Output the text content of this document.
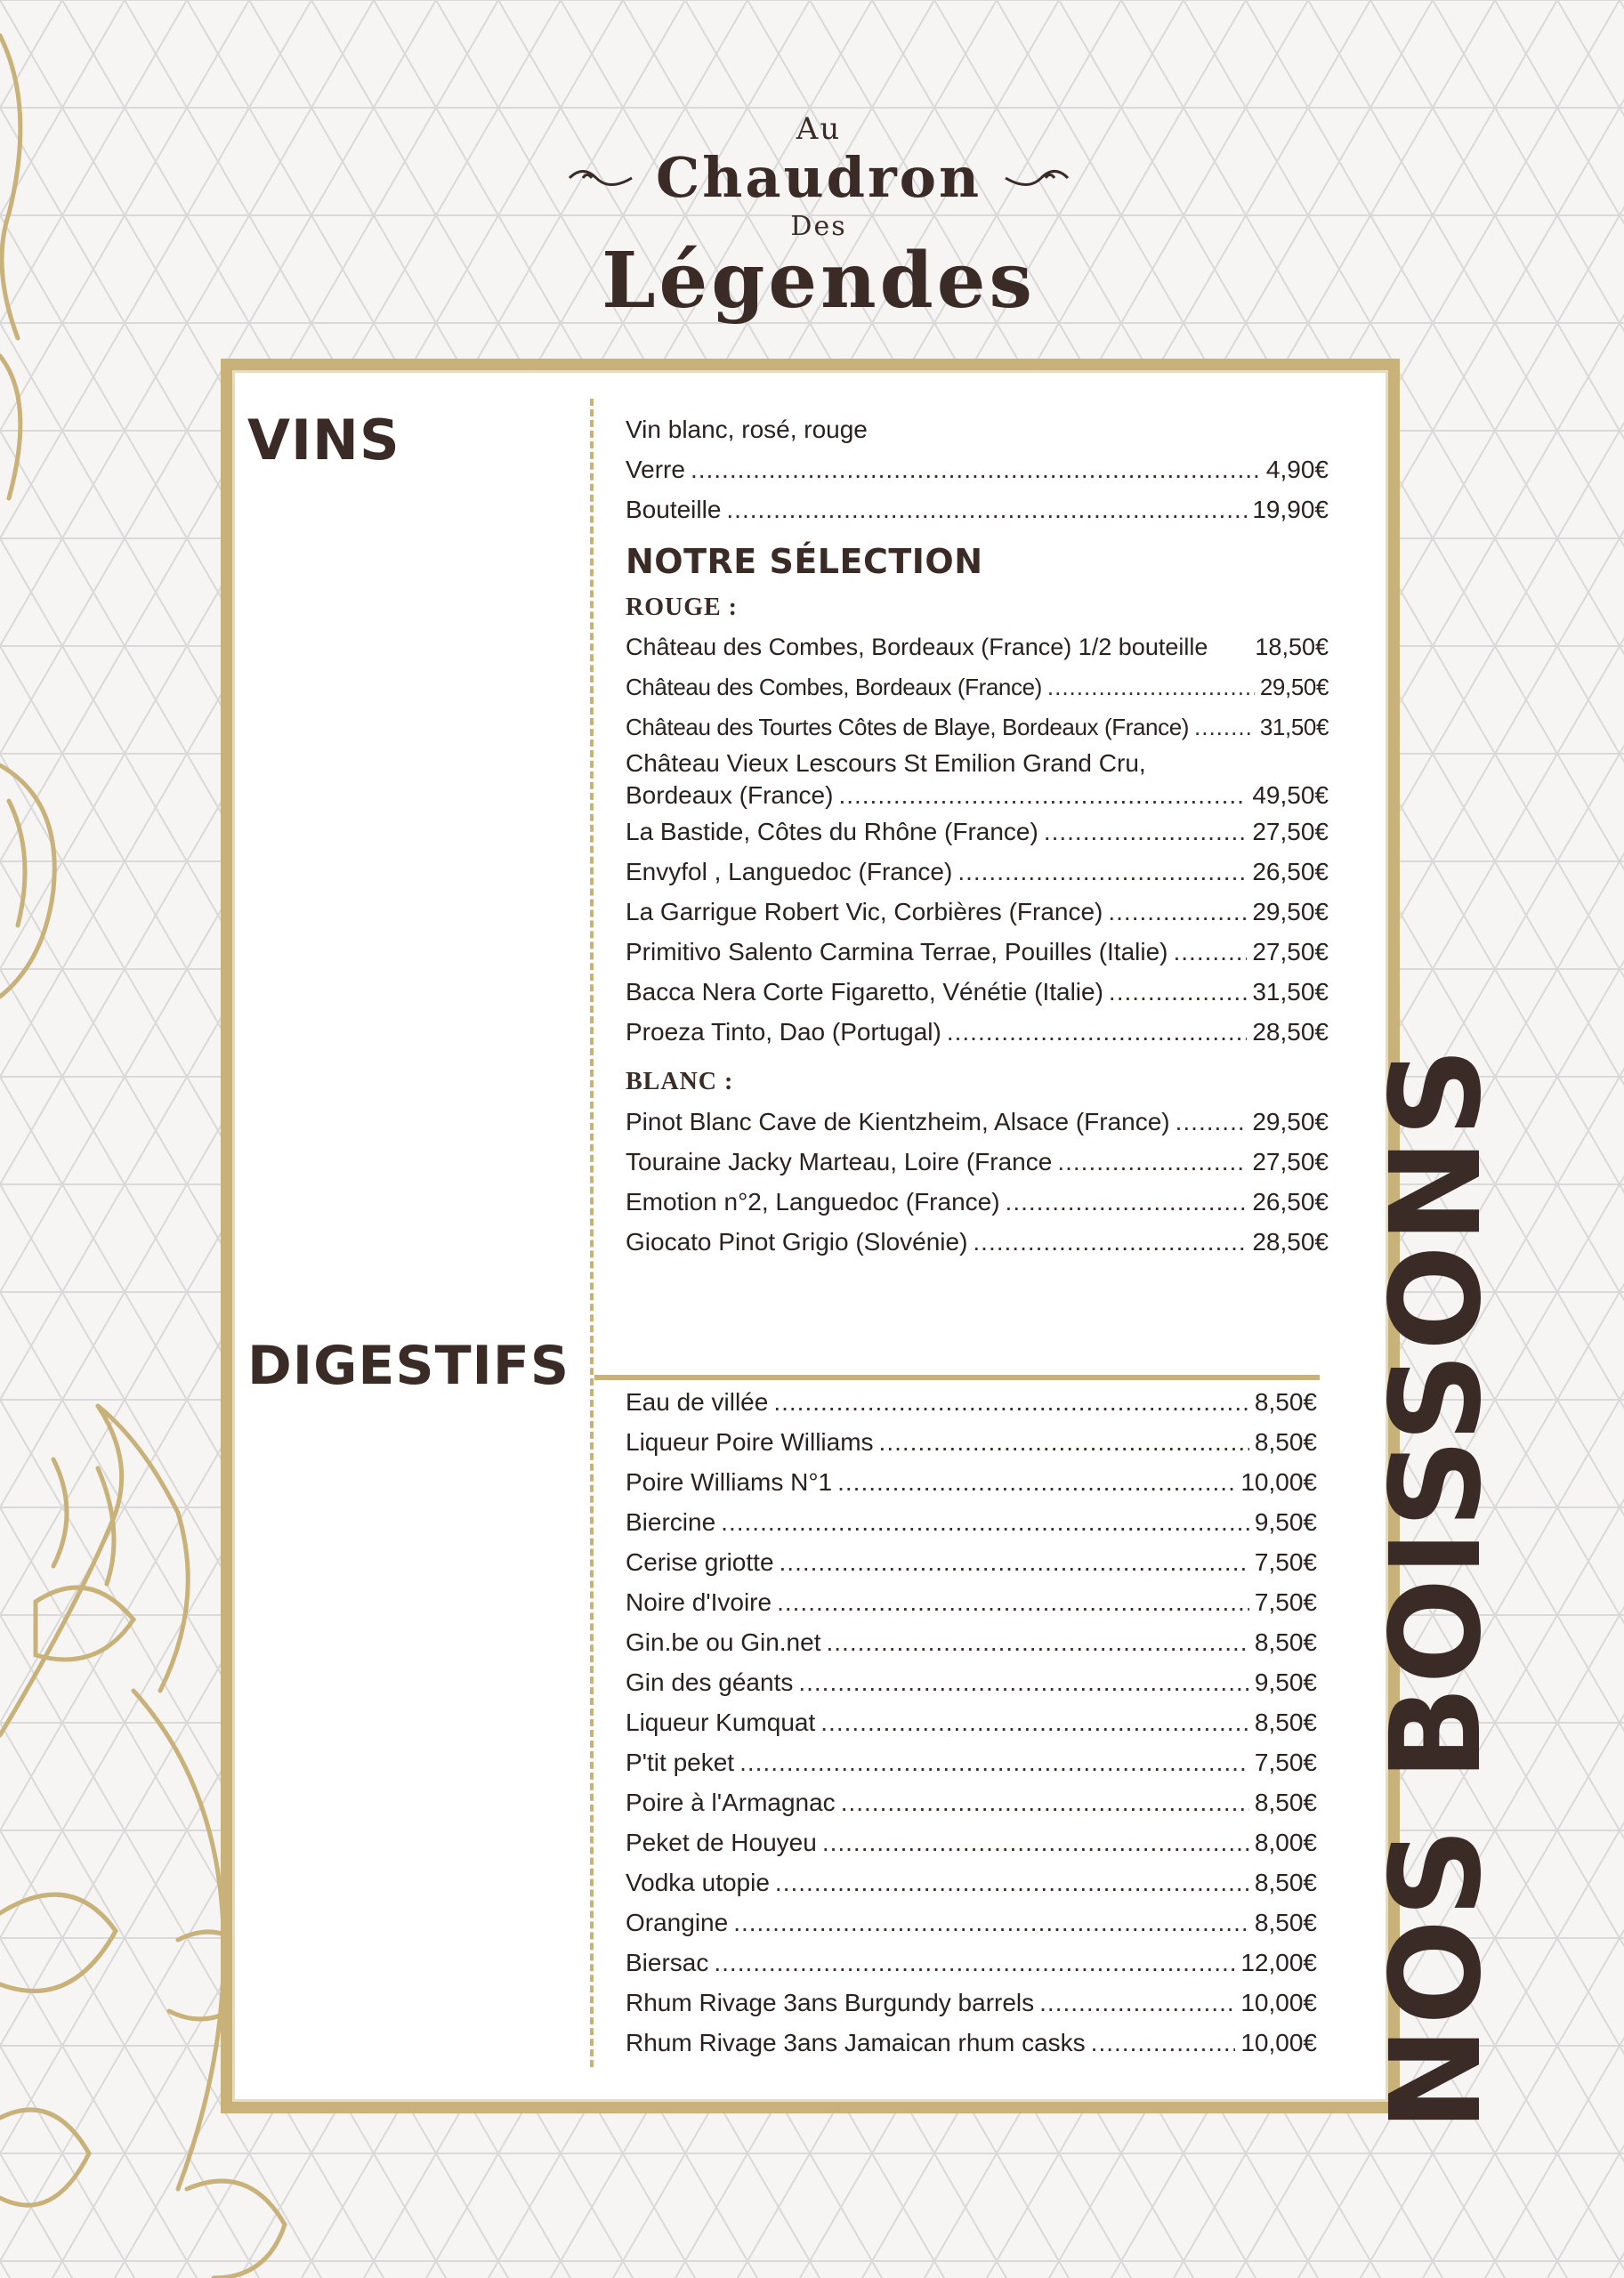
Au
Chaudron
Des
Légendes
VINS
DIGESTIFS
Vin blanc, rosé, rouge
Verre .....	4,90€
Bouteille .....	19,90€
NOTRE SÉLECTION
ROUGE :
Château des Combes, Bordeaux (France) 1/2 bouteille 18,50€
Château des Combes, Bordeaux (France) .....	29,50€
Château des Tourtes Côtes de Blaye, Bordeaux (France) .....	31,50€
Château Vieux Lescours St Emilion Grand Cru,
Bordeaux (France) .....	49,50€
La Bastide, Côtes du Rhône (France) .....	27,50€
Envyfol , Languedoc (France) .....	26,50€
La Garrigue Robert Vic, Corbières (France) .....	29,50€
Primitivo Salento Carmina Terrae, Pouilles (Italie) .....	27,50€
Bacca Nera Corte Figaretto, Vénétie (Italie) .....	31,50€
Proeza Tinto, Dao (Portugal) .....	28,50€
BLANC :
Pinot Blanc Cave de Kientzheim, Alsace (France) .....	29,50€
Touraine Jacky Marteau, Loire (France .....	27,50€
Emotion n°2, Languedoc (France) .....	26,50€
Giocato Pinot Grigio (Slovénie) .....	28,50€
Eau de villée .....	8,50€
Liqueur Poire Williams .....	8,50€
Poire Williams N°1 .....	10,00€
Biercine .....	9,50€
Cerise griotte .....	7,50€
Noire d'Ivoire .....	7,50€
Gin.be ou Gin.net .....	8,50€
Gin des géants .....	9,50€
Liqueur Kumquat .....	8,50€
P'tit peket .....	7,50€
Poire à l'Armagnac .....	8,50€
Peket de Houyeu .....	8,00€
Vodka utopie .....	8,50€
Orangine .....	8,50€
Biersac .....	12,00€
Rhum Rivage 3ans Burgundy barrels .....	10,00€
Rhum Rivage 3ans Jamaican rhum casks .....	10,00€ NOS BOISSONS
